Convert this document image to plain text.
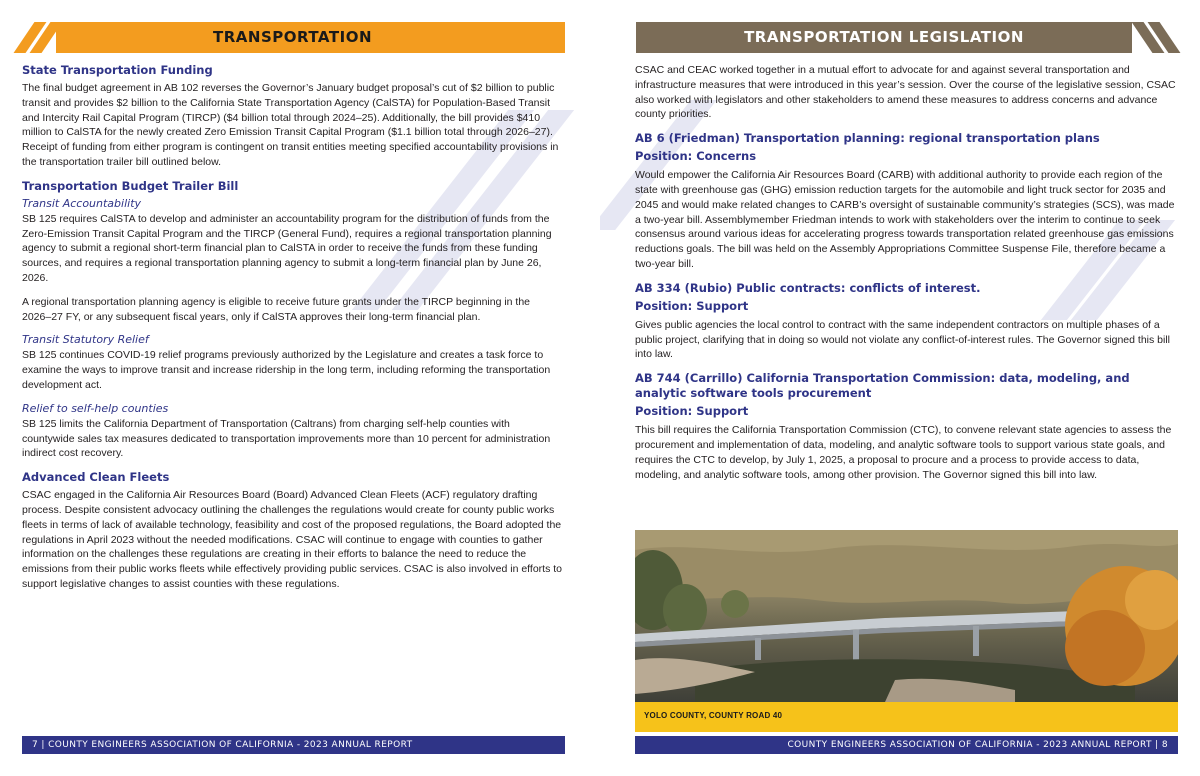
TRANSPORTATION
State Transportation Funding

The final budget agreement in AB 102 reverses the Governor’s January budget proposal’s cut of $2 billion to public transit and provides $2 billion to the California State Transportation Agency (CalSTA) for Population-Based Transit and Intercity Rail Capital Program (TIRCP) ($4 billion total through 2024–25). Additionally, the bill provides $410 million to CalSTA for the newly created Zero Emission Transit Capital Program ($1.1 billion total through 2026–27). Receipt of funding from either program is contingent on transit entities meeting specified accountability provisions in the transportation trailer bill outlined below.

Transportation Budget Trailer Bill
Transit Accountability

SB 125 requires CalSTA to develop and administer an accountability program for the distribution of funds from the Zero-Emission Transit Capital Program and the TIRCP (General Fund), requires a regional transportation planning agency to submit a regional short-term financial plan to CalSTA in order to receive the funds from these funding sources, and requires a regional transportation planning agency to submit a long-term financial plan by June 26, 2026.

A regional transportation planning agency is eligible to receive future grants under the TIRCP beginning in the 2026–27 FY, or any subsequent fiscal years, only if CalSTA approves their long-term financial plan.

Transit Statutory Relief

SB 125 continues COVID-19 relief programs previously authorized by the Legislature and creates a task force to examine the ways to improve transit and increase ridership in the long term, including reforming the transportation development act.

Relief to self-help counties

SB 125 limits the California Department of Transportation (Caltrans) from charging self-help counties with countywide sales tax measures dedicated to transportation improvements more than 10 percent for administration indirect cost recovery.

Advanced Clean Fleets

CSAC engaged in the California Air Resources Board (Board) Advanced Clean Fleets (ACF) regulatory drafting process. Despite consistent advocacy outlining the challenges the regulations would create for county public works fleets in terms of lack of available technology, feasibility and cost of the proposed regulations, the Board adopted the regulations in April 2023 without the needed modifications. CSAC will continue to engage with counties to gather information on the challenges these regulations are creating in their efforts to balance the need to reduce the emissions from their public works fleets while effectively providing public services. CSAC is also involved in efforts to support legislative changes to assist counties with these regulations.

7 | COUNTY ENGINEERS ASSOCIATION OF CALIFORNIA - 2023 ANNUAL REPORT
TRANSPORTATION LEGISLATION

CSAC and CEAC worked together in a mutual effort to advocate for and against several transportation and infrastructure measures that were introduced in this year’s session. Over the course of the legislative session, CSAC also worked with legislators and other stakeholders to amend these measures to address concerns and advance county priorities.

AB 6 (Friedman) Transportation planning: regional transportation plans
Position: Concerns

Would empower the California Air Resources Board (CARB) with additional authority to provide each region of the state with greenhouse gas (GHG) emission reduction targets for the automobile and light truck sector for 2035 and 2045 and would make related changes to CARB’s oversight of sustainable community’s strategies (SCS), was made a two-year bill. Assemblymember Friedman intends to work with stakeholders over the interim to continue to seek consensus around various ideas for accelerating progress towards transportation related greenhouse gas emissions reductions goals. The bill was held on the Assembly Appropriations Committee Suspense File, therefore became a two-year bill.

AB 334 (Rubio) Public contracts: conflicts of interest.
Position: Support

Gives public agencies the local control to contract with the same independent contractors on multiple phases of a public project, clarifying that in doing so would not violate any conflict-of-interest rules. The Governor signed this bill into law.

AB 744 (Carrillo) California Transportation Commission: data, modeling, and analytic software tools procurement
Position: Support

This bill requires the California Transportation Commission (CTC), to convene relevant state agencies to assess the procurement and implementation of data, modeling, and analytic software tools to support various state goals, and requires the CTC to develop, by July 1, 2025, a proposal to procure and a process to provide access to data, modeling, and analytic software tools, among other provision. The Governor signed this bill into law.

YOLO COUNTY, COUNTY ROAD 40
COUNTY ENGINEERS ASSOCIATION OF CALIFORNIA - 2023 ANNUAL REPORT | 8
